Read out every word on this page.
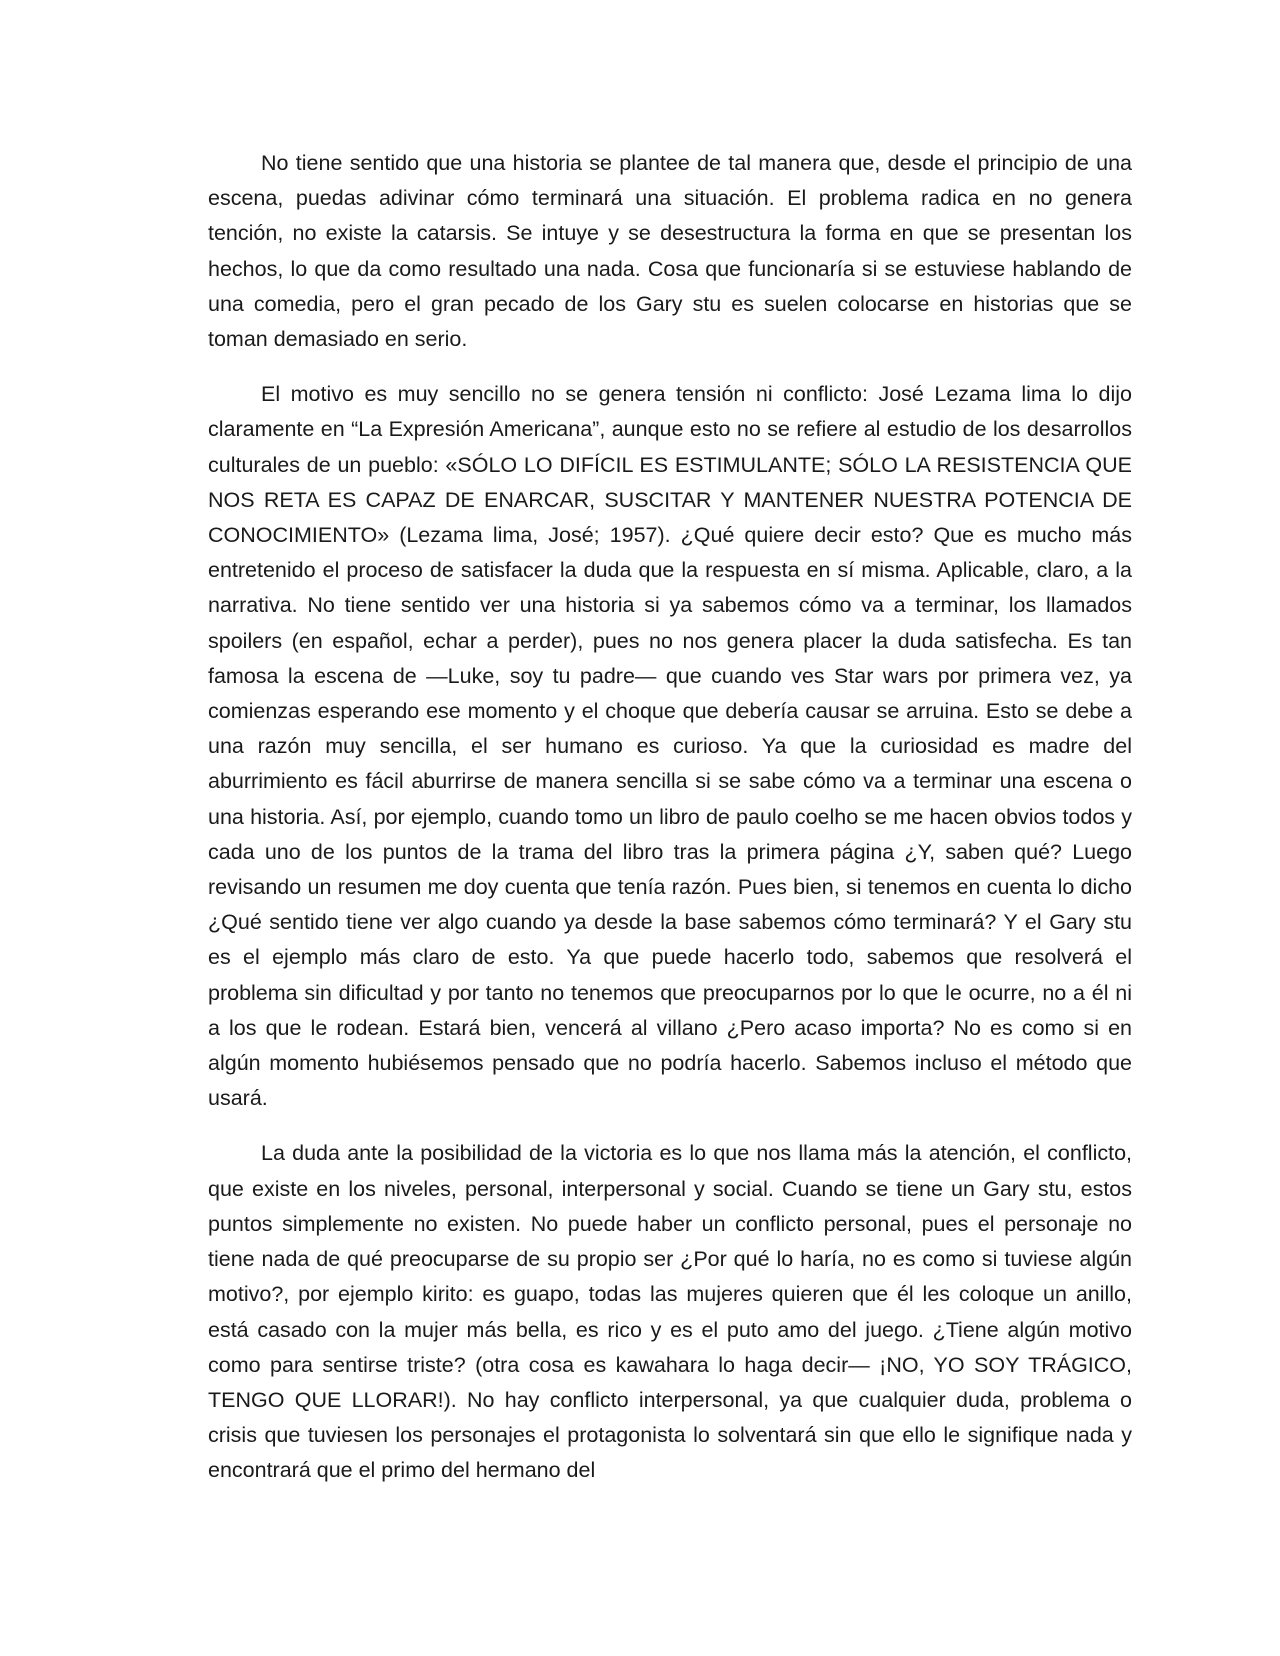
No tiene sentido que una historia se plantee de tal manera que, desde el principio de una escena, puedas adivinar cómo terminará una situación. El problema radica en no genera tención, no existe la catarsis. Se intuye y se desestructura la forma en que se presentan los hechos, lo que da como resultado una nada. Cosa que funcionaría si se estuviese hablando de una comedia, pero el gran pecado de los Gary stu es suelen colocarse en historias que se toman demasiado en serio.

El motivo es muy sencillo no se genera tensión ni conflicto: José Lezama lima lo dijo claramente en “La Expresión Americana”, aunque esto no se refiere al estudio de los desarrollos culturales de un pueblo: «SÓLO LO DIFÍCIL ES ESTIMULANTE; SÓLO LA RESISTENCIA QUE NOS RETA ES CAPAZ DE ENARCAR, SUSCITAR Y MANTENER NUESTRA POTENCIA DE CONOCIMIENTO» (Lezama lima, José; 1957). ¿Qué quiere decir esto? Que es mucho más entretenido el proceso de satisfacer la duda que la respuesta en sí misma. Aplicable, claro, a la narrativa. No tiene sentido ver una historia si ya sabemos cómo va a terminar, los llamados spoilers (en español, echar a perder), pues no nos genera placer la duda satisfecha. Es tan famosa la escena de —Luke, soy tu padre— que cuando ves Star wars por primera vez, ya comienzas esperando ese momento y el choque que debería causar se arruina. Esto se debe a una razón muy sencilla, el ser humano es curioso. Ya que la curiosidad es madre del aburrimiento es fácil aburrirse de manera sencilla si se sabe cómo va a terminar una escena o una historia. Así, por ejemplo, cuando tomo un libro de paulo coelho se me hacen obvios todos y cada uno de los puntos de la trama del libro tras la primera página ¿Y, saben qué? Luego revisando un resumen me doy cuenta que tenía razón. Pues bien, si tenemos en cuenta lo dicho ¿Qué sentido tiene ver algo cuando ya desde la base sabemos cómo terminará? Y el Gary stu es el ejemplo más claro de esto. Ya que puede hacerlo todo, sabemos que resolverá el problema sin dificultad y por tanto no tenemos que preocuparnos por lo que le ocurre, no a él ni a los que le rodean. Estará bien, vencerá al villano ¿Pero acaso importa? No es como si en algún momento hubiésemos pensado que no podría hacerlo. Sabemos incluso el método que usará.

La duda ante la posibilidad de la victoria es lo que nos llama más la atención, el conflicto, que existe en los niveles, personal, interpersonal y social. Cuando se tiene un Gary stu, estos puntos simplemente no existen. No puede haber un conflicto personal, pues el personaje no tiene nada de qué preocuparse de su propio ser ¿Por qué lo haría, no es como si tuviese algún motivo?, por ejemplo kirito: es guapo, todas las mujeres quieren que él les coloque un anillo, está casado con la mujer más bella, es rico y es el puto amo del juego. ¿Tiene algún motivo como para sentirse triste? (otra cosa es kawahara lo haga decir— ¡NO, YO SOY TRÁGICO, TENGO QUE LLORAR!). No hay conflicto interpersonal, ya que cualquier duda, problema o crisis que tuviesen los personajes el protagonista lo solventará sin que ello le signifique nada y encontrará que el primo del hermano del
